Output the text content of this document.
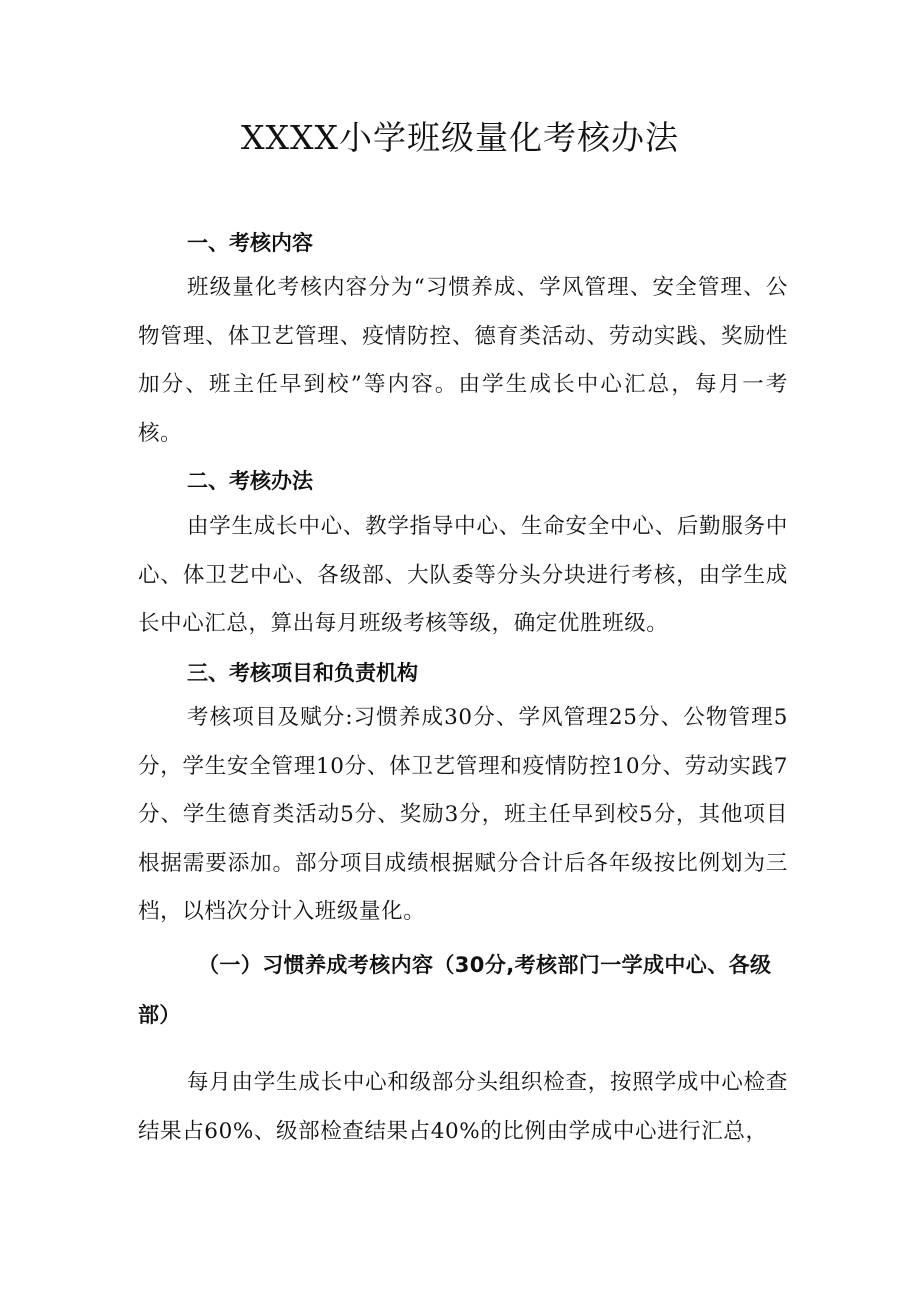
XXXX小学班级量化考核办法
一、考核内容

班级量化考核内容分为“习惯养成、学风管理、安全管理、公物管理、体卫艺管理、疫情防控、德育类活动、劳动实践、奖励性加分、班主任早到校”等内容。由学生成长中心汇总，每月一考核。

二、考核办法

由学生成长中心、教学指导中心、生命安全中心、后勤服务中心、体卫艺中心、各级部、大队委等分头分块进行考核，由学生成长中心汇总，算出每月班级考核等级，确定优胜班级。

三、考核项目和负责机构

考核项目及赋分:习惯养成30分、学风管理25分、公物管理5分，学生安全管理10分、体卫艺管理和疫情防控10分、劳动实践7分、学生德育类活动5分、奖励3分，班主任早到校5分，其他项目根据需要添加。部分项目成绩根据赋分合计后各年级按比例划为三档，以档次分计入班级量化。

（一）习惯养成考核内容（30分,考核部门一学成中心、各级部）

每月由学生成长中心和级部分头组织检查，按照学成中心检查结果占60%、级部检查结果占40%的比例由学成中心进行汇总，
